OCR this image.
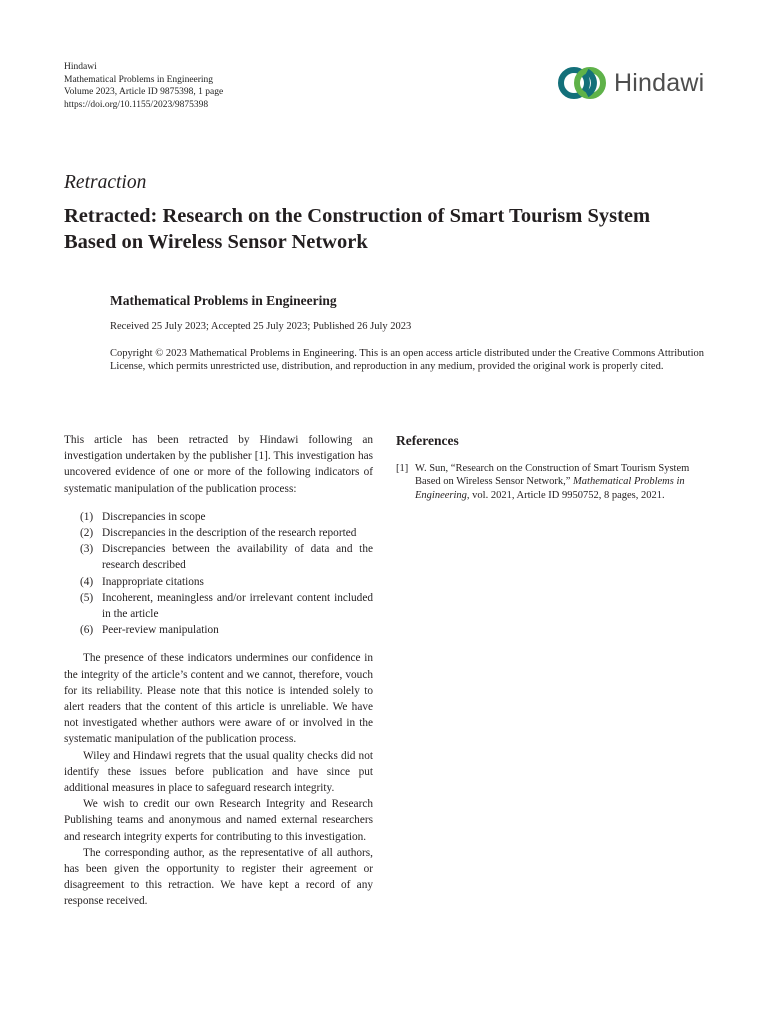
Hindawi
Mathematical Problems in Engineering
Volume 2023, Article ID 9875398, 1 page
https://doi.org/10.1155/2023/9875398
Hindawi
Retraction
Retracted: Research on the Construction of Smart Tourism System Based on Wireless Sensor Network
Mathematical Problems in Engineering
Received 25 July 2023; Accepted 25 July 2023; Published 26 July 2023
Copyright © 2023 Mathematical Problems in Engineering. This is an open access article distributed under the Creative Commons Attribution License, which permits unrestricted use, distribution, and reproduction in any medium, provided the original work is properly cited.

This article has been retracted by Hindawi following an investigation undertaken by the publisher [1]. This investigation has uncovered evidence of one or more of the following indicators of systematic manipulation of the publication process:

(1) Discrepancies in scope
(2) Discrepancies in the description of the research reported
(3) Discrepancies between the availability of data and the research described
(4) Inappropriate citations
(5) Incoherent, meaningless and/or irrelevant content included in the article
(6) Peer-review manipulation

The presence of these indicators undermines our confidence in the integrity of the article’s content and we cannot, therefore, vouch for its reliability. Please note that this notice is intended solely to alert readers that the content of this article is unreliable. We have not investigated whether authors were aware of or involved in the systematic manipulation of the publication process.

Wiley and Hindawi regrets that the usual quality checks did not identify these issues before publication and have since put additional measures in place to safeguard research integrity.

We wish to credit our own Research Integrity and Research Publishing teams and anonymous and named external researchers and research integrity experts for contributing to this investigation.

The corresponding author, as the representative of all authors, has been given the opportunity to register their agreement or disagreement to this retraction. We have kept a record of any response received.

References
[1] W. Sun, “Research on the Construction of Smart Tourism System Based on Wireless Sensor Network,” Mathematical Problems in Engineering, vol. 2021, Article ID 9950752, 8 pages, 2021.
